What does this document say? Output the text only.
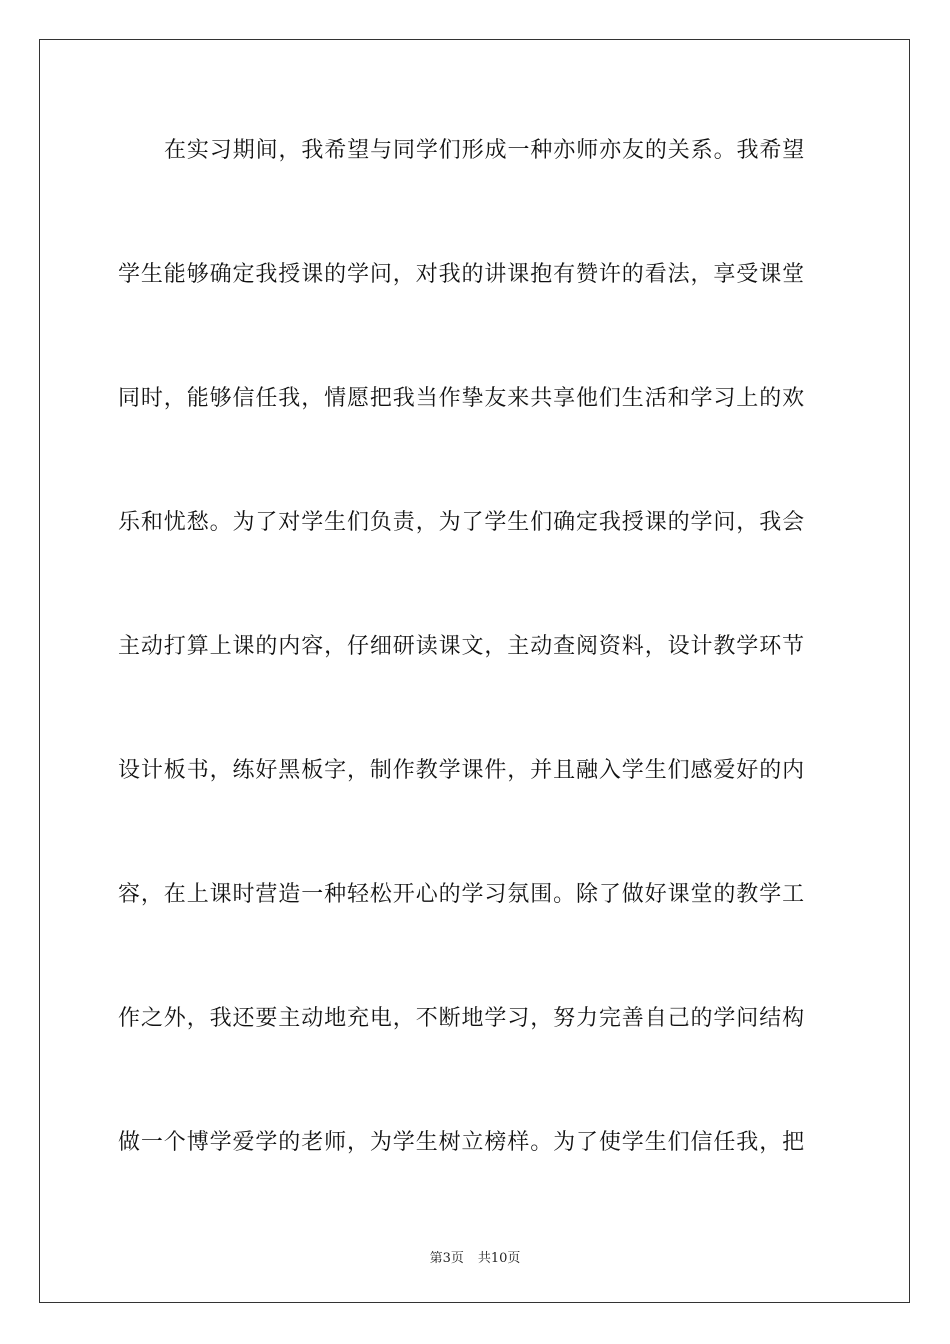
在实习期间，我希望与同学们形成一种亦师亦友的关系。我希望
学生能够确定我授课的学问，对我的讲课抱有赞许的看法，享受课堂
同时，能够信任我，情愿把我当作挚友来共享他们生活和学习上的欢
乐和忧愁。为了对学生们负责，为了学生们确定我授课的学问，我会
主动打算上课的内容，仔细研读课文，主动查阅资料，设计教学环节
设计板书，练好黑板字，制作教学课件，并且融入学生们感爱好的内
容，在上课时营造一种轻松开心的学习氛围。除了做好课堂的教学工
作之外，我还要主动地充电，不断地学习，努力完善自己的学问结构
做一个博学爱学的老师，为学生树立榜样。为了使学生们信任我，把
第3页 共10页
